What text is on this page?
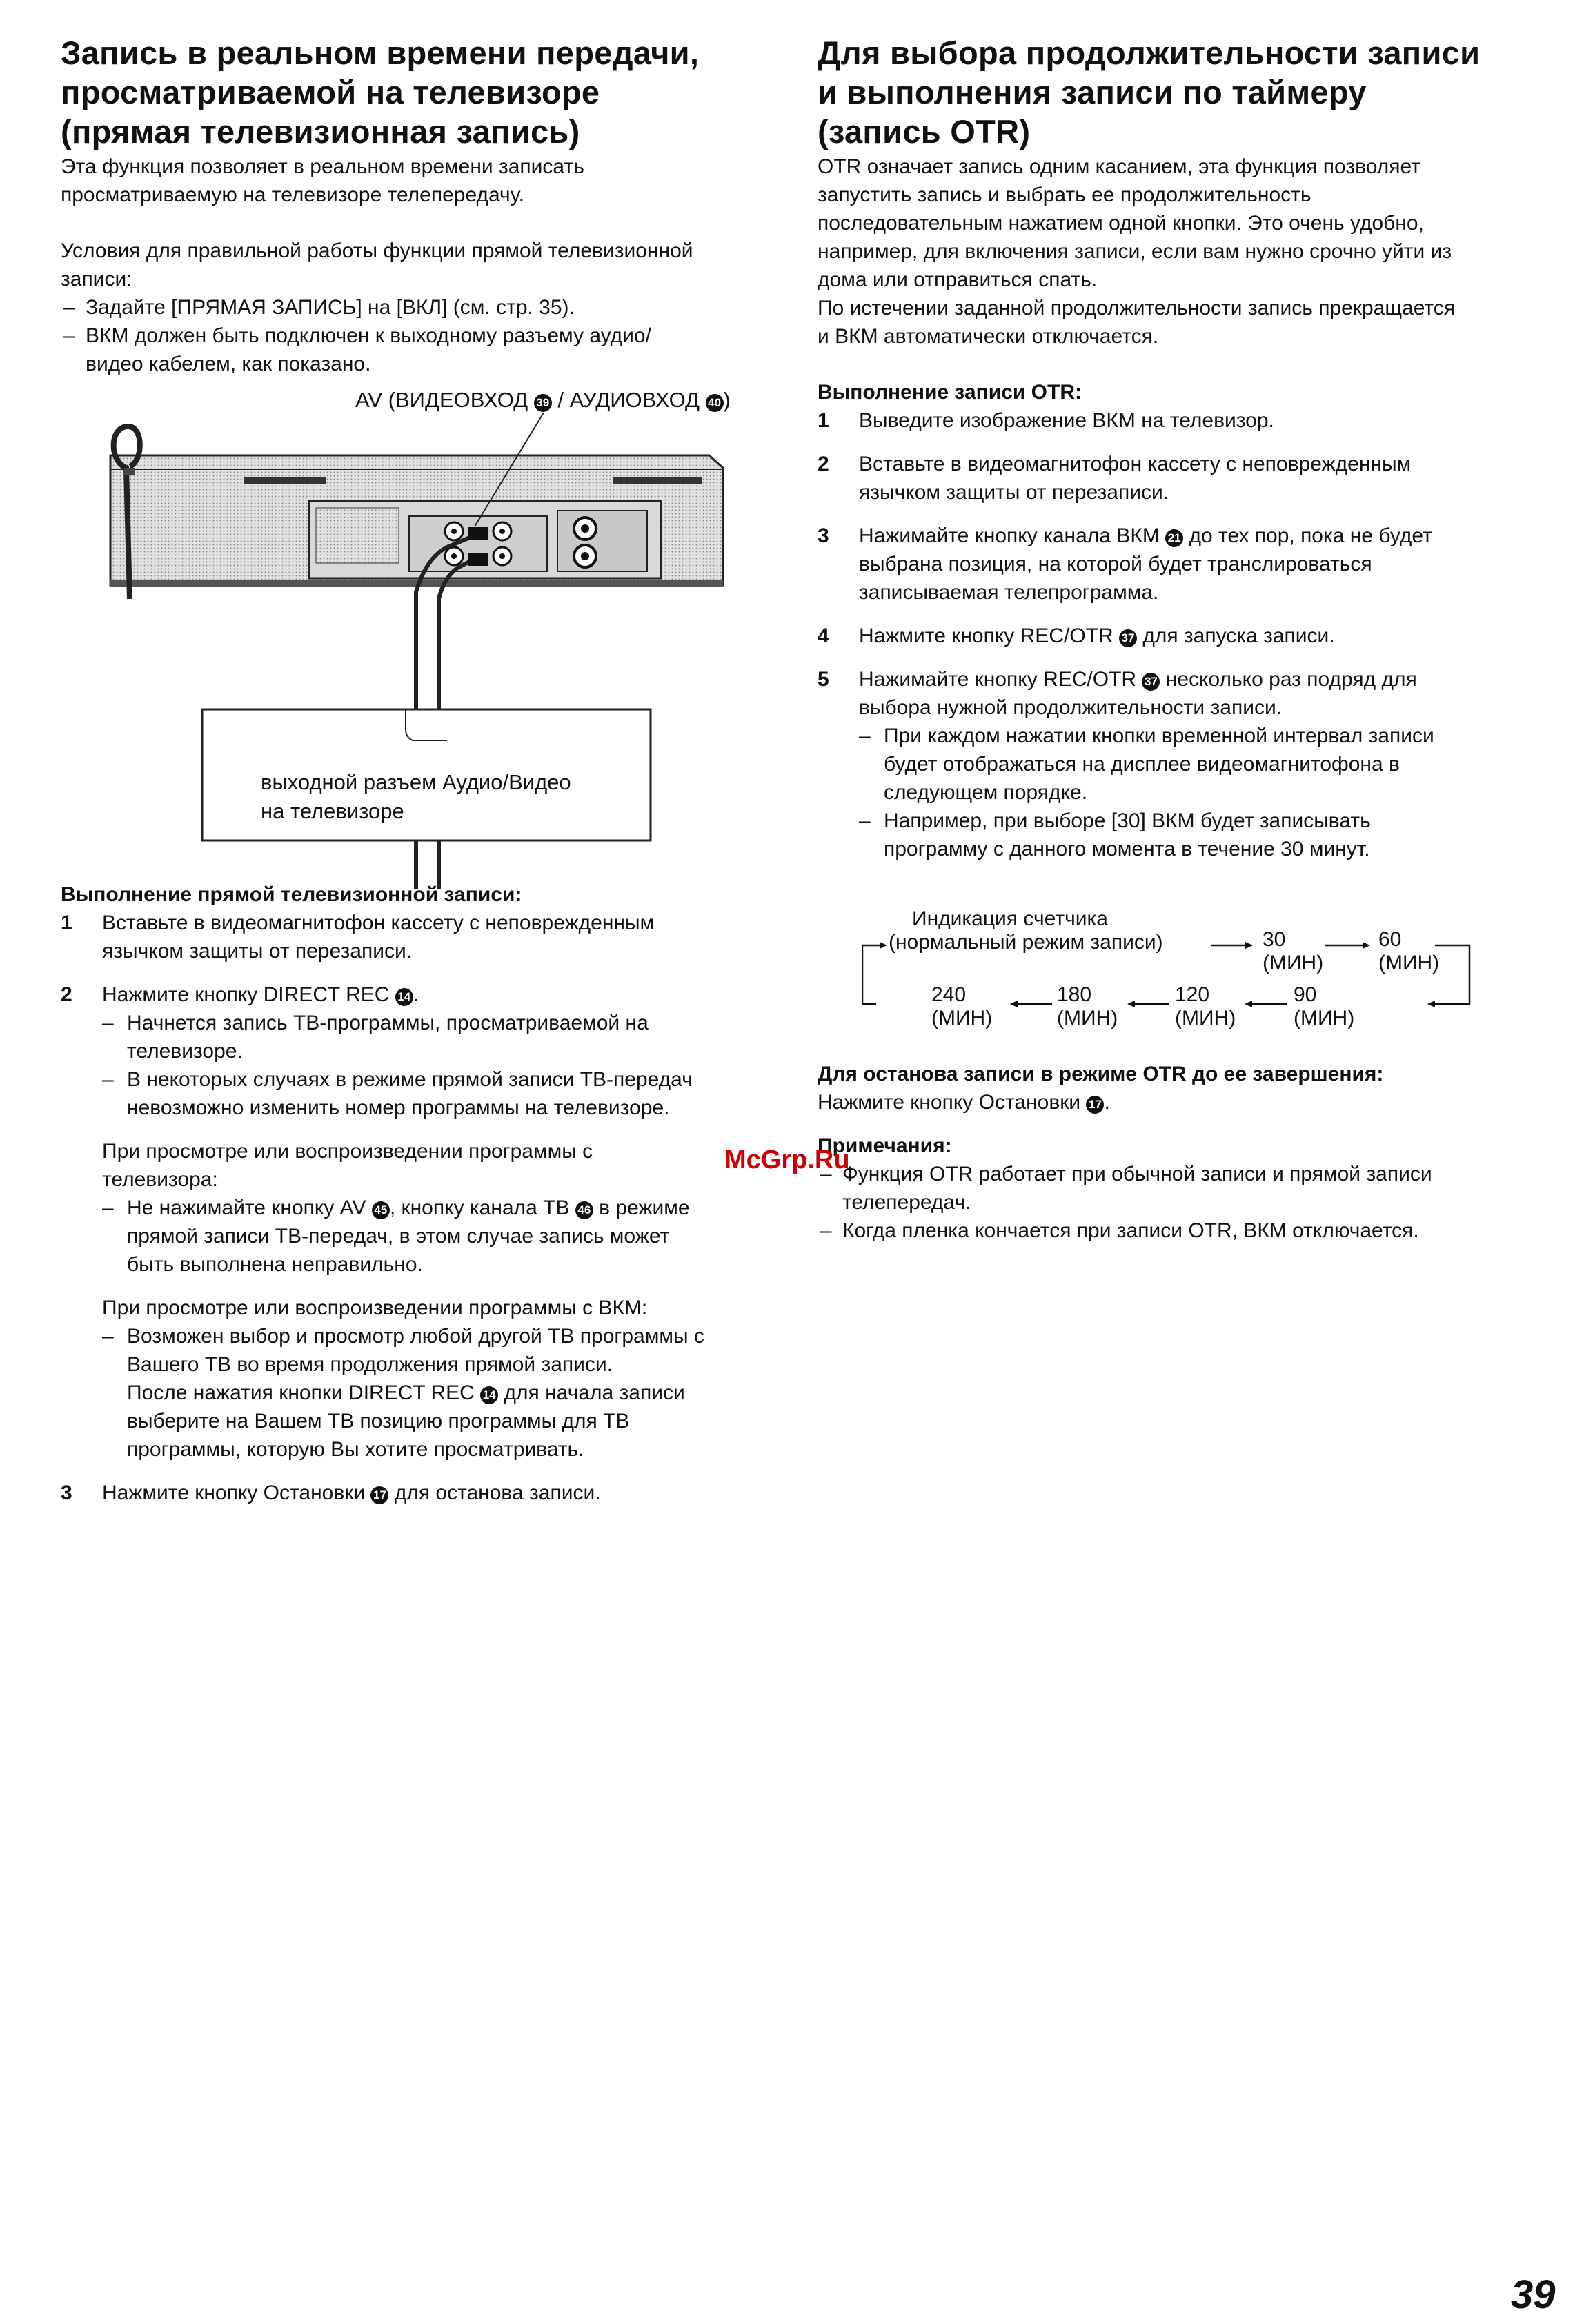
Запись в реальном времени передачи,
просматриваемой на телевизоре
(прямая телевизионная запись)

Эта функция позволяет в реальном времени записать
просматриваемую на телевизоре телепередачу.

Условия для правильной работы функции прямой телевизионной
записи:

– Задайте [ПРЯМАЯ ЗАПИСЬ] на [ВКЛ] (см. стр. 35).
– ВКМ должен быть подключен к выходному разъему аудио/
видео кабелем, как показано.
AV (ВИДЕОВХОД 39 / АУДИОВХОД 40 )
выходной разъем Аудио/Видео
на телевизоре
Выполнение прямой телевизионной записи:
1 Вставьте в видеомагнитофон кассету с неповрежденным
язычком защиты от перезаписи.
2 Нажмите кнопку DIRECT REC 14 .
– Начнется запись ТВ-программы, просматриваемой на
телевизоре.
– В некоторых случаях в режиме прямой записи ТВ-передач
невозможно изменить номер программы на телевизоре.
При просмотре или воспроизведении программы с
телевизора:
– Не нажимайте кнопку AV 45 , кнопку канала ТВ 46 в режиме
прямой записи ТВ-передач, в этом случае запись может
быть выполнена неправильно.
При просмотре или воспроизведении программы с ВКМ:
– Возможен выбор и просмотр любой другой ТВ программы с
Вашего ТВ во время продолжения прямой записи.
После нажатия кнопки DIRECT REC 14 для начала записи
выберите на Вашем ТВ позицию программы для ТВ
программы, которую Вы хотите просматривать.
3 Нажмите кнопку Остановки 17 для останова записи.
Для выбора продолжительности записи
и выполнения записи по таймеру
(запись OTR)

OTR означает запись одним касанием, эта функция позволяет
запустить запись и выбрать ее продолжительность
последовательным нажатием одной кнопки. Это очень удобно,
например, для включения записи, если вам нужно срочно уйти из
дома или отправиться спать.
По истечении заданной продолжительности запись прекращается
и ВКМ автоматически отключается.

Выполнение записи OTR:
1 Выведите изображение ВКМ на телевизор.
2 Вставьте в видеомагнитофон кассету с неповрежденным
язычком защиты от перезаписи.
3 Нажимайте кнопку канала ВКМ 21 до тех пор, пока не будет
выбрана позиция, на которой будет транслироваться
записываемая телепрограмма.
4 Нажмите кнопку REC/OTR 37 для запуска записи.
5 Нажимайте кнопку REC/OTR 37 несколько раз подряд для
выбора нужной продолжительности записи.
– При каждом нажатии кнопки временной интервал записи
будет отображаться на дисплее видеомагнитофона в
следующем порядке.
– Например, при выборе [30] ВКМ будет записывать
программу с данного момента в течение 30 минут.
Для останова записи в режиме OTR до ее завершения:

Нажмите кнопку Остановки 17 .

Примечания:
– Функция OTR работает при обычной записи и прямой записи
телепередач.
– Когда пленка кончается при записи OTR, ВКМ отключается.
Индикация счетчика
(нормальный режим записи)	30
(МИН)
60
(МИН)
90
(МИН)
120
(МИН)
180
(МИН)
240
(МИН)
McGrp.Ru
39
